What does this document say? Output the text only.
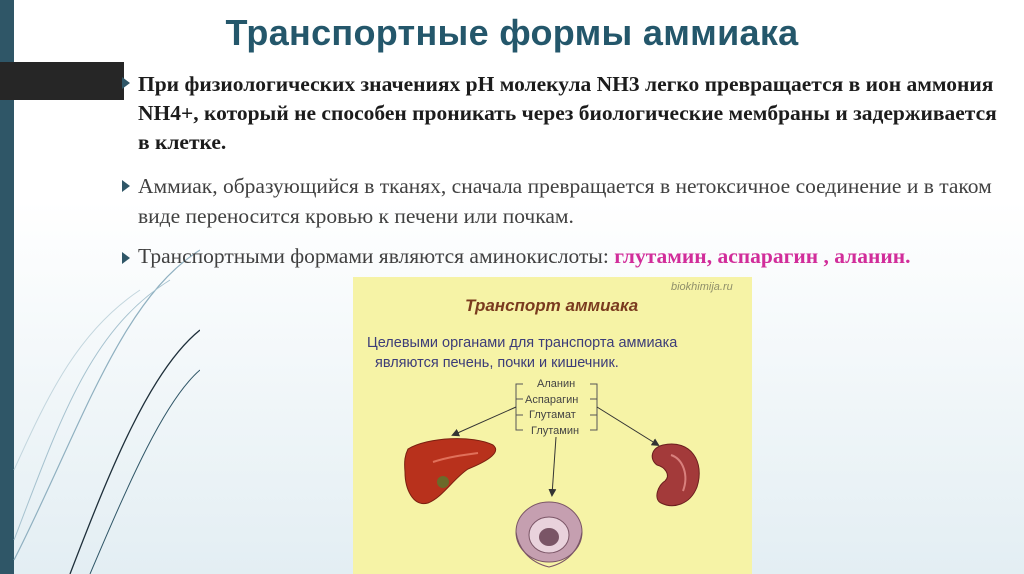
Транспортные формы аммиака

При физиологических значениях рН молекула NH3 легко превращается в ион аммония NH4+, который не способен проникать через биологические мембраны и задерживается в клетке.

Аммиак, образующийся в тканях, сначала превращается в нетоксичное соединение и в таком виде переносится кровью к печени или почкам.

Транспортными формами являются аминокислоты: глутамин, аспарагин , аланин.

biokhimija.ru
Транспорт аммиака
Целевыми органами для транспорта аммиака
являются печень, почки и кишечник.
Аланин
Аспарагин
Глутамат
Глутамин
